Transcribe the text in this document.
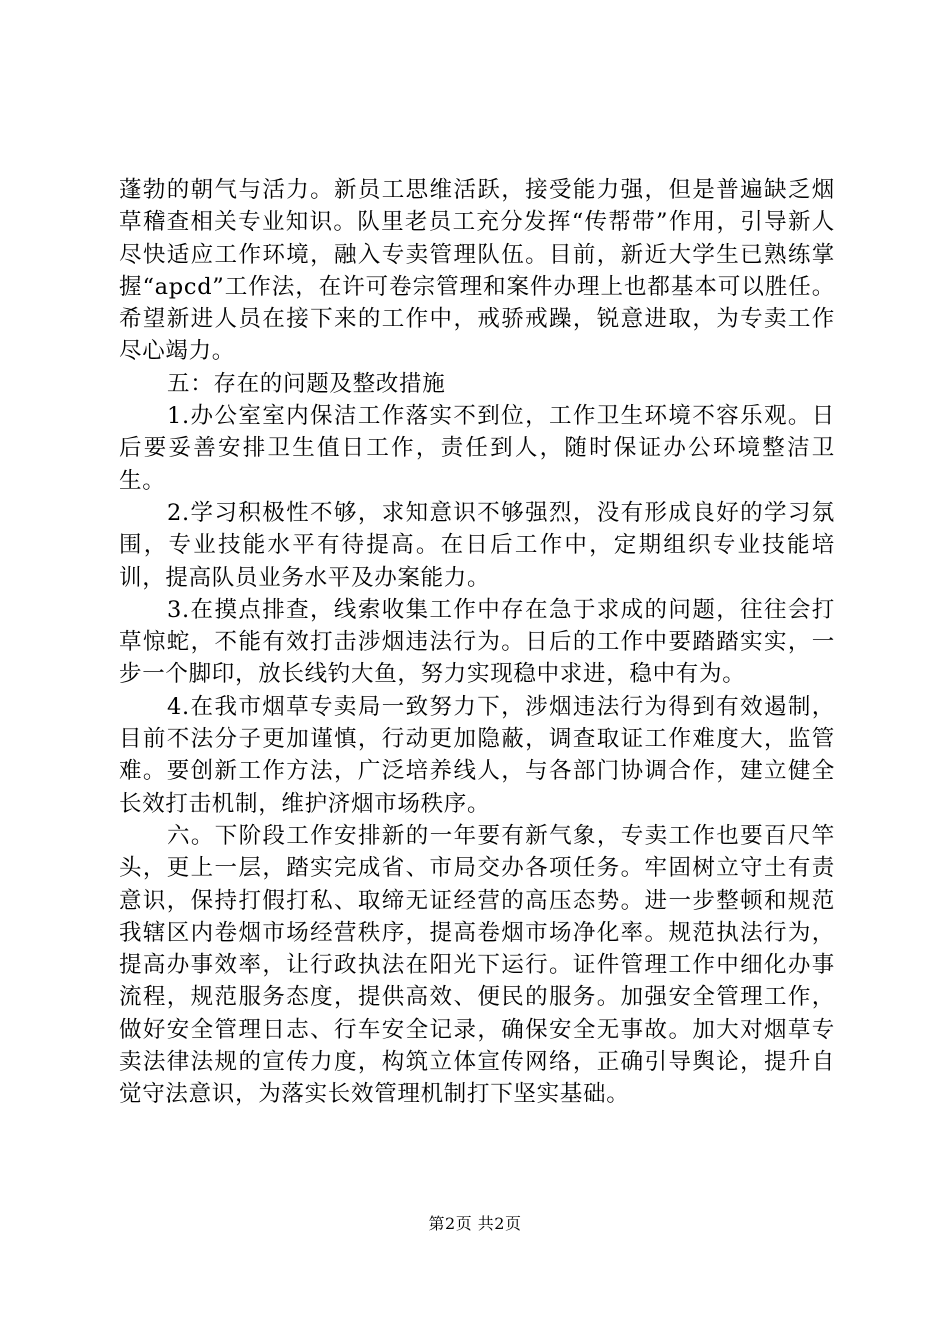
蓬勃的朝气与活力。新员工思维活跃，接受能力强，但是普遍缺乏烟草稽查相关专业知识。队里老员工充分发挥“传帮带”作用，引导新人尽快适应工作环境，融入专卖管理队伍。目前，新近大学生已熟练掌握“apcd”工作法，在许可卷宗管理和案件办理上也都基本可以胜任。希望新进人员在接下来的工作中，戒骄戒躁，锐意进取，为专卖工作尽心竭力。

五：存在的问题及整改措施

1.办公室室内保洁工作落实不到位，工作卫生环境不容乐观。日后要妥善安排卫生值日工作，责任到人，随时保证办公环境整洁卫生。

2.学习积极性不够，求知意识不够强烈，没有形成良好的学习氛围，专业技能水平有待提高。在日后工作中，定期组织专业技能培训，提高队员业务水平及办案能力。

3.在摸点排查，线索收集工作中存在急于求成的问题，往往会打草惊蛇，不能有效打击涉烟违法行为。日后的工作中要踏踏实实，一步一个脚印，放长线钓大鱼，努力实现稳中求进，稳中有为。

4.在我市烟草专卖局一致努力下，涉烟违法行为得到有效遏制，目前不法分子更加谨慎，行动更加隐蔽，调查取证工作难度大，监管难。要创新工作方法，广泛培养线人，与各部门协调合作，建立健全长效打击机制，维护济烟市场秩序。

六。下阶段工作安排新的一年要有新气象，专卖工作也要百尺竿头，更上一层，踏实完成省、市局交办各项任务。牢固树立守土有责意识，保持打假打私、取缔无证经营的高压态势。进一步整顿和规范我辖区内卷烟市场经营秩序，提高卷烟市场净化率。规范执法行为，提高办事效率，让行政执法在阳光下运行。证件管理工作中细化办事流程，规范服务态度，提供高效、便民的服务。加强安全管理工作，做好安全管理日志、行车安全记录，确保安全无事故。加大对烟草专卖法律法规的宣传力度，构筑立体宣传网络，正确引导舆论，提升自觉守法意识，为落实长效管理机制打下坚实基础。

第2页 共2页
